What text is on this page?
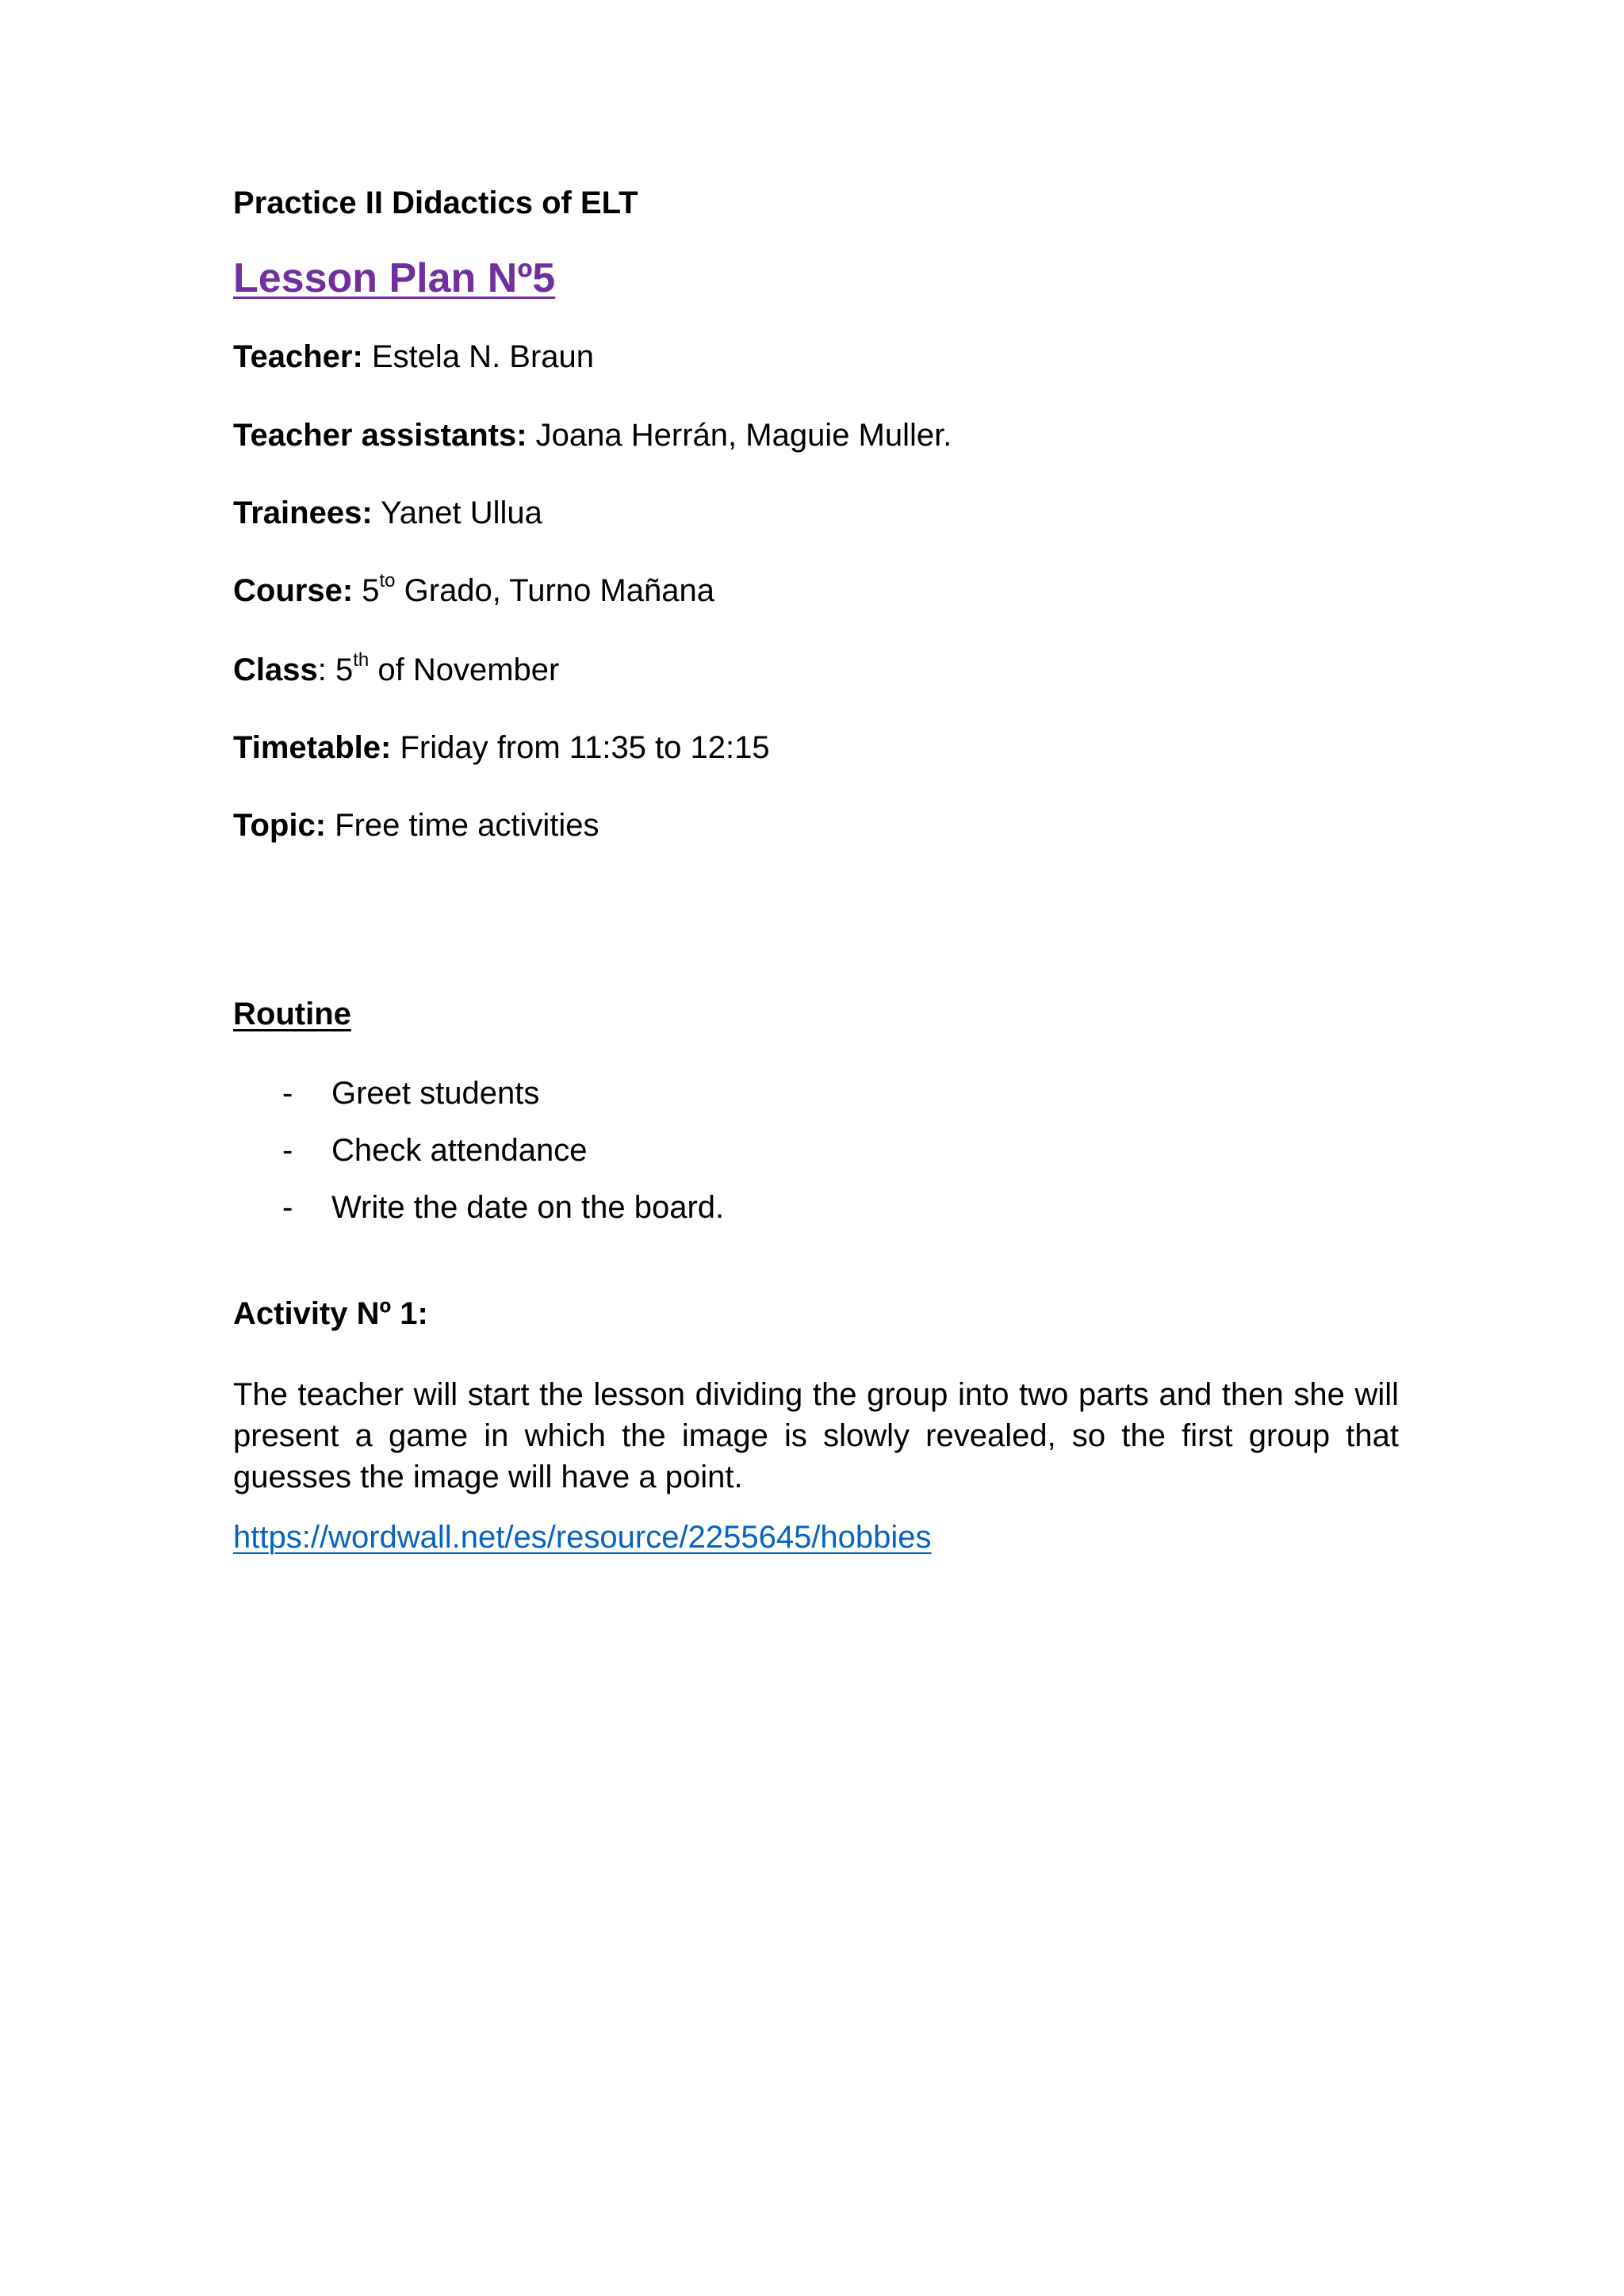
Practice II Didactics of ELT

Lesson Plan Nº5

Teacher: Estela N. Braun

Teacher assistants: Joana Herrán, Maguie Muller.

Trainees: Yanet Ullua

Course: $5^{to}$ Grado, Turno Mañana

Class: 5th of November

Timetable: Friday from 11:35 to 12:15

Topic: Free time activities

Routine

- Greet students
- Check attendance
- Write the date on the board.

Activity Nº 1:

The teacher will start the lesson dividing the group into two parts and then she will present a game in which the image is slowly revealed, so the first group that guesses the image will have a point.

https://wordwall.net/es/resource/2255645/hobbies
